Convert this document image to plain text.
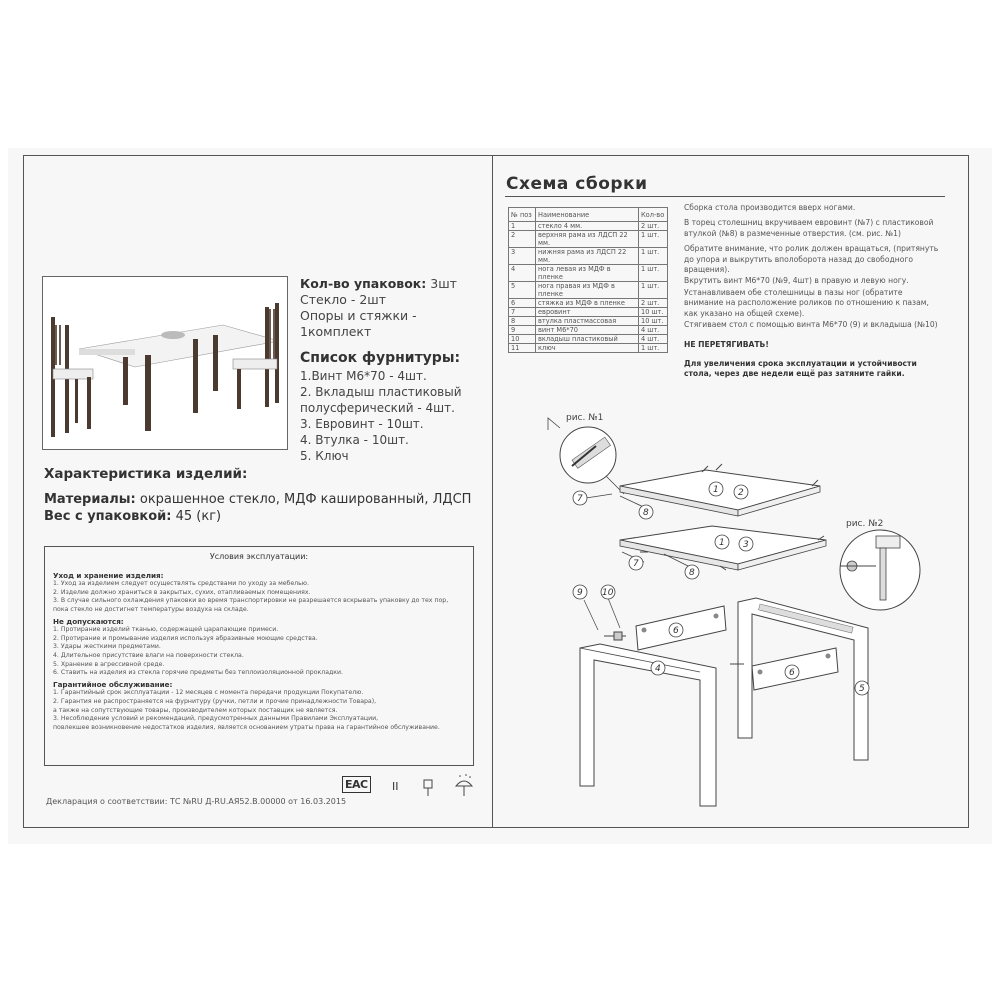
Кол-во упаковок: 3шт
Стекло - 2шт
Опоры и стяжки - 1комплект
Список фурнитуры:
1.Винт М6*70 - 4шт.
2. Вкладыш пластиковый
полусферический - 4шт.
3. Евровинт - 10шт.
4. Втулка - 10шт.
5. Ключ
Характеристика изделий:
Материалы: окрашенное стекло, МДФ кашированный, ЛДСП
Вес с упаковкой: 45 (кг)
Условия эксплуатации:
Уход и хранение изделия:
1. Уход за изделием следует осуществлять средствами по уходу за мебелью.
2. Изделие должно храниться в закрытых, сухих, отапливаемых помещениях.
3. В случае сильного охлаждения упаковки во время транспортировки не разрешается вскрывать упаковку до тех пор,
пока стекло не достигнет температуры воздуха на складе.
Не допускаются:
1. Протирание изделий тканью, содержащей царапающие примеси.
2. Протирание и промывание изделия используя абразивные моющие средства.
3. Удары жесткими предметами.
4. Длительное присутствие влаги на поверхности стекла.
5. Хранение в агрессивной среде.
6. Ставить на изделия из стекла горячие предметы без теплоизоляционной прокладки.
Гарантийное обслуживание:
1. Гарантийный срок эксплуатации - 12 месяцев с момента передачи продукции Покупателю.
2. Гарантия не распространяется на фурнитуру (ручки, петли и прочие принадлежности Товара),
а также на сопутствующие товары, производителем которых поставщик не является.
3. Несоблюдение условий и рекомендаций, предусмотренных данными Правилами Эксплуатации,
повлекшее возникновение недостатков изделия, является основанием утраты права на гарантийное обслуживание.
Декларация о соответствии: ТС №RU Д-RU.АЯ52.В.00000 от 16.03.2015
EAC II
Схема сборки
№ поз	Наименование	Кол-во
1	стекло 4 мм.	2 шт.
2	верхняя рама из ЛДСП 22 мм.	1 шт.
3	нижняя рама из ЛДСП 22 мм.	1 шт.
4	нога левая из МДФ в пленке	1 шт.
5	нога правая из МДФ в пленке	1 шт.
6	стяжка из МДФ в пленке	2 шт.
7	евровинт	10 шт.
8	втулка пластмассовая	10 шт.
9	винт М6*70	4 шт.
10	вкладыш пластиковый	4 шт.
11	ключ	1 шт.

Сборка стола производится вверх ногами.

В торец столешниц вкручиваем евровинт (№7) с пластиковой втулкой (№8) в размеченные отверстия. (см. рис. №1)

Обратите внимание, что ролик должен вращаться, (притянуть до упора и выкрутить вполоборота назад до свободного вращения).

Вкрутить винт М6*70 (№9, 4шт) в правую и левую ногу.

Устанавливаем обе столешницы в пазы ног (обратите внимание на расположение роликов по отношению к пазам, как указано на общей схеме).

Стягиваем стол с помощью винта М6*70 (9) и вкладыша (№10)

НЕ ПЕРЕТЯГИВАТЬ!

Для увеличения срока эксплуатации и устойчивости стола, через две недели ещё раз затяните гайки.

рис. №1
рис. №2
1 2
1 3
4
5
6
6
7
7
8
8
9 10
